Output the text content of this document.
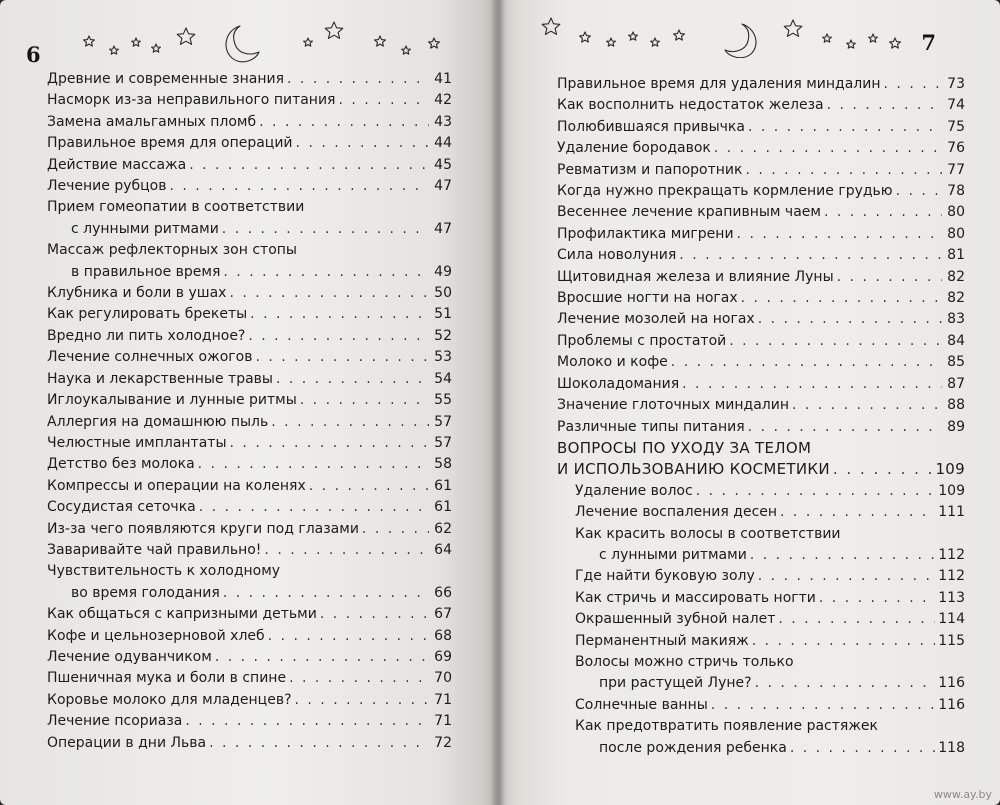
6
Древние и современные знания . . .	41
Насморк из-за неправильного питания . . .	42
Замена амальгамных пломб . . .	43
Правильное время для операций . . .	44
Действие массажа . . .	45
Лечение рубцов . . .	47
Прием гомеопатии в соответствии
с лунными ритмами . . .	47
Массаж рефлекторных зон стопы
в правильное время . . .	49
Клубника и боли в ушах . . .	50
Как регулировать брекеты . . .	51
Вредно ли пить холодное? . . .	52
Лечение солнечных ожогов . . .	53
Наука и лекарственные травы . . .	54
Иглоукалывание и лунные ритмы . . .	55
Аллергия на домашнюю пыль . . .	57
Челюстные имплантаты . . .	57
Детство без молока . . .	58
Компрессы и операции на коленях . . .	61
Сосудистая сеточка . . .	61
Из-за чего появляются круги под глазами . . .	62
Заваривайте чай правильно! . . .	64
Чувствительность к холодному
во время голодания . . .	66
Как общаться с капризными детьми . . .	67
Кофе и цельнозерновой хлеб . . .	68
Лечение одуванчиком . . .	69
Пшеничная мука и боли в спине . . .	70
Коровье молоко для младенцев? . . .	71
Лечение псориаза . . .	71
Операции в дни Льва . . .	72
7
Правильное время для удаления миндалин . . .	73
Как восполнить недостаток железа . . .	74
Полюбившаяся привычка . . .	75
Удаление бородавок . . .	76
Ревматизм и папоротник . . .	77
Когда нужно прекращать кормление грудью . . .	78
Весеннее лечение крапивным чаем . . .	80
Профилактика мигрени . . .	80
Сила новолуния . . .	81
Щитовидная железа и влияние Луны . . .	82
Вросшие ногти на ногах . . .	82
Лечение мозолей на ногах . . .	83
Проблемы с простатой . . .	84
Молоко и кофе . . .	85
Шоколадомания . . .	87
Значение глоточных миндалин . . .	88
Различные типы питания . . .	89
ВОПРОСЫ ПО УХОДУ ЗА ТЕЛОМ
И ИСПОЛЬЗОВАНИЮ КОСМЕТИКИ . . .	109
Удаление волос . . .	109
Лечение воспаления десен . . .	111
Как красить волосы в соответствии
с лунными ритмами . . .	112
Где найти буковую золу . . .	112
Как стричь и массировать ногти . . .	113
Окрашенный зубной налет . . .	114
Перманентный макияж . . .	115
Волосы можно стричь только
при растущей Луне? . . .	116
Солнечные ванны . . .	116
Как предотвратить появление растяжек
после рождения ребенка . . .	118
www.ay.by
